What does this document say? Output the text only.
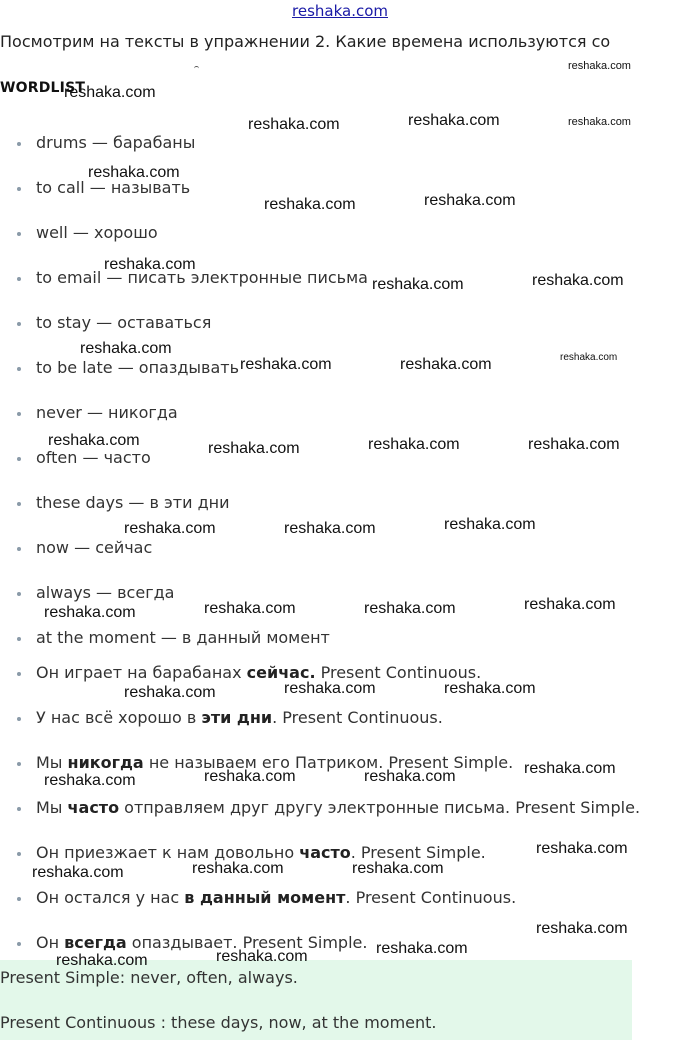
reshaka.com
Посмотрим на тексты в упражнении 2. Какие времена используются со
WORDLIST
drums — барабаны
to call — называть
well — хорошо
to email — писать электронные письма
to stay — оставаться
to be late — опаздывать
never — никогда
often — часто
these days — в эти дни
now — сейчас
always — всегда
at the moment — в данный момент
Он играет на барабанах сейчас. Present Continuous.
У нас всё хорошо в эти дни. Present Continuous.
Мы никогда не называем его Патриком. Present Simple.
Мы часто отправляем друг другу электронные письма. Present Simple.
Он приезжает к нам довольно часто. Present Simple.
Он остался у нас в данный момент. Present Continuous.
Он всегда опаздывает. Present Simple.
Present Simple: never, often, always.
Present Continuous : these days, now, at the moment.
reshaka.com
reshaka.com
reshaka.com	reshaka.com	reshaka.com
reshaka.com
reshaka.com	reshaka.com
reshaka.com
reshaka.com	reshaka.com
reshaka.com
reshaka.com	reshaka.com	reshaka.com
reshaka.com	reshaka.com	reshaka.com	reshaka.com
reshaka.com	reshaka.com	reshaka.com
reshaka.com	reshaka.com	reshaka.com	reshaka.com
reshaka.com	reshaka.com	reshaka.com
reshaka.com	reshaka.com	reshaka.com	reshaka.com
reshaka.com
reshaka.com	reshaka.com	reshaka.com
reshaka.com
reshaka.com
reshaka.com	reshaka.com
